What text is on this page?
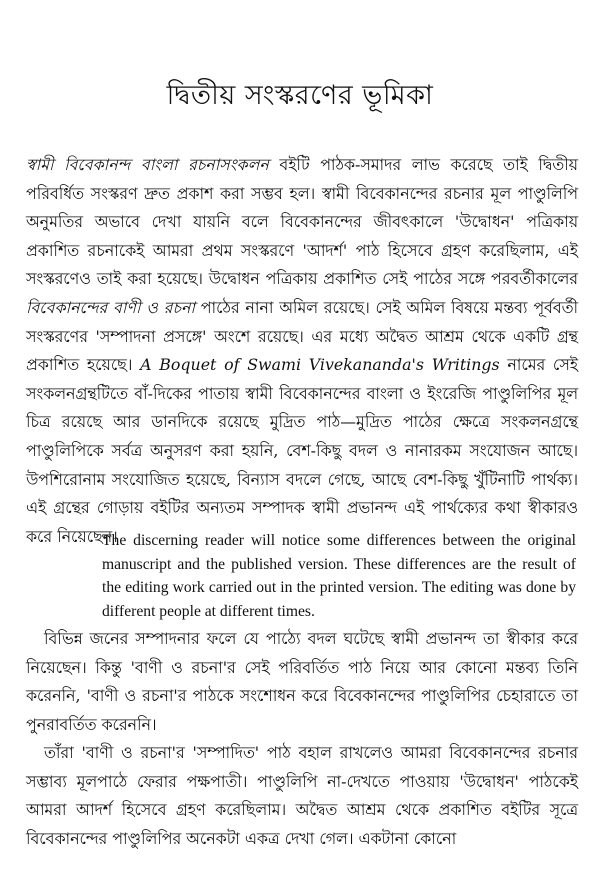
দ্বিতীয় সংস্করণের ভূমিকা

স্বামী বিবেকানন্দ বাংলা রচনাসংকলন বইটি পাঠক-সমাদর লাভ করেছে তাই দ্বিতীয় পরিবর্ধিত সংস্করণ দ্রুত প্রকাশ করা সম্ভব হল। স্বামী বিবেকানন্দের রচনার মূল পাণ্ডুলিপি অনুমতির অভাবে দেখা যায়নি বলে বিবেকানন্দের জীবৎকালে 'উদ্বোধন' পত্রিকায় প্রকাশিত রচনাকেই আমরা প্রথম সংস্করণে 'আদর্শ' পাঠ হিসেবে গ্রহণ করেছিলাম, এই সংস্করণেও তাই করা হয়েছে। উদ্বোধন পত্রিকায় প্রকাশিত সেই পাঠের সঙ্গে পরবর্তীকালের বিবেকানন্দের বাণী ও রচনা পাঠের নানা অমিল রয়েছে। সেই অমিল বিষয়ে মন্তব্য পূর্ববর্তী সংস্করণের 'সম্পাদনা প্রসঙ্গে' অংশে রয়েছে। এর মধ্যে অদ্বৈত আশ্রম থেকে একটি গ্রন্থ প্রকাশিত হয়েছে। A Boquet of Swami Vivekananda's Writings নামের সেই সংকলনগ্রন্থটিতে বাঁ-দিকের পাতায় স্বামী বিবেকানন্দের বাংলা ও ইংরেজি পাণ্ডুলিপির মূল চিত্র রয়েছে আর ডানদিকে রয়েছে মুদ্রিত পাঠ—মুদ্রিত পাঠের ক্ষেত্রে সংকলনগ্রন্থে পাণ্ডুলিপিকে সর্বত্র অনুসরণ করা হয়নি, বেশ-কিছু বদল ও নানারকম সংযোজন আছে। উপশিরোনাম সংযোজিত হয়েছে, বিন্যাস বদলে গেছে, আছে বেশ-কিছু খুঁটিনাটি পার্থক্য। এই গ্রন্থের গোড়ায় বইটির অন্যতম সম্পাদক স্বামী প্রভানন্দ এই পার্থক্যের কথা স্বীকারও করে নিয়েছেন।

The discerning reader will notice some differences between the original manuscript and the published version. These differences are the result of the editing work carried out in the printed version. The editing was done by different people at different times.

বিভিন্ন জনের সম্পাদনার ফলে যে পাঠ্যে বদল ঘটেছে স্বামী প্রভানন্দ তা স্বীকার করে নিয়েছেন। কিন্তু 'বাণী ও রচনা'র সেই পরিবর্তিত পাঠ নিয়ে আর কোনো মন্তব্য তিনি করেননি, 'বাণী ও রচনা'র পাঠকে সংশোধন করে বিবেকানন্দের পাণ্ডুলিপির চেহারাতে তা পুনরাবর্তিত করেননি।

তাঁরা 'বাণী ও রচনা'র 'সম্পাদিত' পাঠ বহাল রাখলেও আমরা বিবেকানন্দের রচনার সম্ভাব্য মূলপাঠে ফেরার পক্ষপাতী। পাণ্ডুলিপি না-দেখতে পাওয়ায় 'উদ্বোধন' পাঠকেই আমরা আদর্শ হিসেবে গ্রহণ করেছিলাম। অদ্বৈত আশ্রম থেকে প্রকাশিত বইটির সূত্রে বিবেকানন্দের পাণ্ডুলিপির অনেকটা একত্র দেখা গেল। একটানা কোনো
